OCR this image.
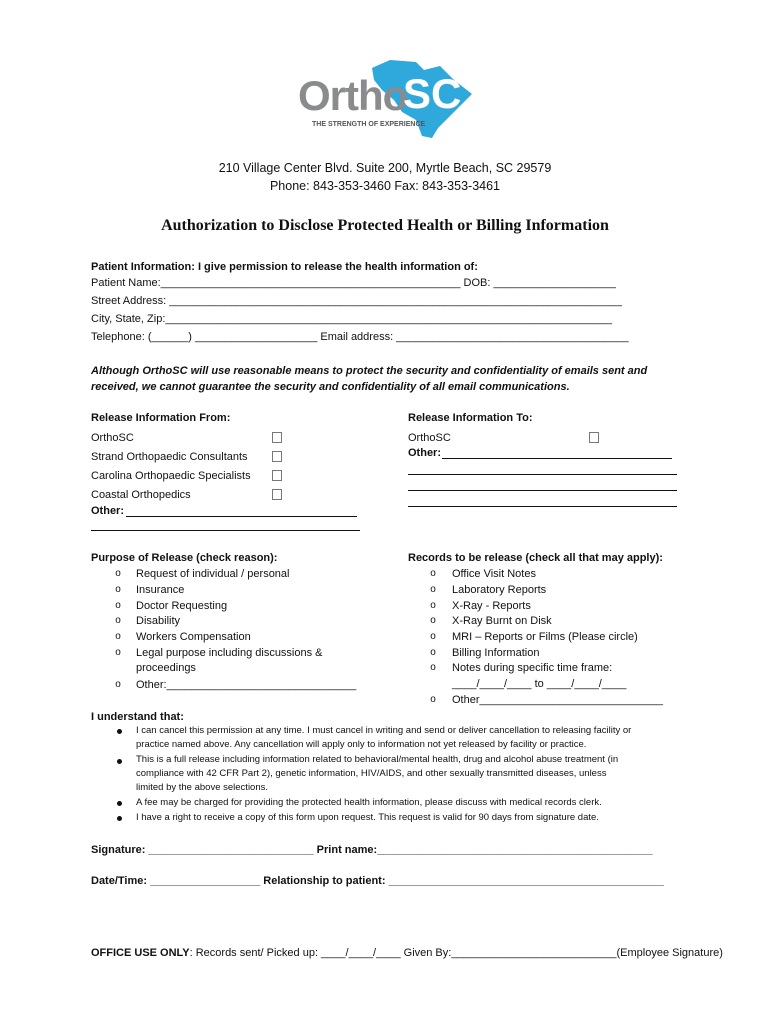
Ortho
SC
THE STRENGTH OF EXPERIENCE
210 Village Center Blvd. Suite 200, Myrtle Beach, SC 29579
Phone: 843-353-3460 Fax: 843-353-3461
Authorization to Disclose Protected Health or Billing Information
Patient Information: I give permission to release the health information of:
Patient Name:_________________________________________________ DOB: ____________________
Street Address: __________________________________________________________________________
City, State, Zip:_________________________________________________________________________
Telephone: (______) ____________________ Email address: ______________________________________
Although OrthoSC will use reasonable means to protect the security and confidentiality of emails sent and
received, we cannot guarantee the security and confidentiality of all email communications.
Release Information From:
OrthoSC
Strand Orthopaedic Consultants
Carolina Orthopaedic Specialists
Coastal Orthopedics
Other:
Release Information To:
OrthoSC
Other:
Purpose of Release (check reason):
o Request of individual / personal
o Insurance
o Doctor Requesting
o Disability
o Workers Compensation
o Legal purpose including discussions &
proceedings
o Other:_______________________________
Records to be release (check all that may apply):
o Office Visit Notes
o Laboratory Reports
o X-Ray - Reports
o X-Ray Burnt on Disk
o MRI – Reports or Films (Please circle)
o Billing Information
o Notes during specific time frame:
____/____/____ to ____/____/____
o Other______________________________
I understand that:
I can cancel this permission at any time. I must cancel in writing and send or deliver cancellation to releasing facility or
practice named above. Any cancellation will apply only to information not yet released by facility or practice.
This is a full release including information related to behavioral/mental health, drug and alcohol abuse treatment (in
compliance with 42 CFR Part 2), genetic information, HIV/AIDS, and other sexually transmitted diseases, unless
limited by the above selections.
A fee may be charged for providing the protected health information, please discuss with medical records clerk.
I have a right to receive a copy of this form upon request. This request is valid for 90 days from signature date.
Signature: ___________________________ Print name:_____________________________________________
Date/Time: __________________ Relationship to patient: _____________________________________________
OFFICE USE ONLY: Records sent/ Picked up: ____/____/____ Given By:___________________________(Employee Signature)
